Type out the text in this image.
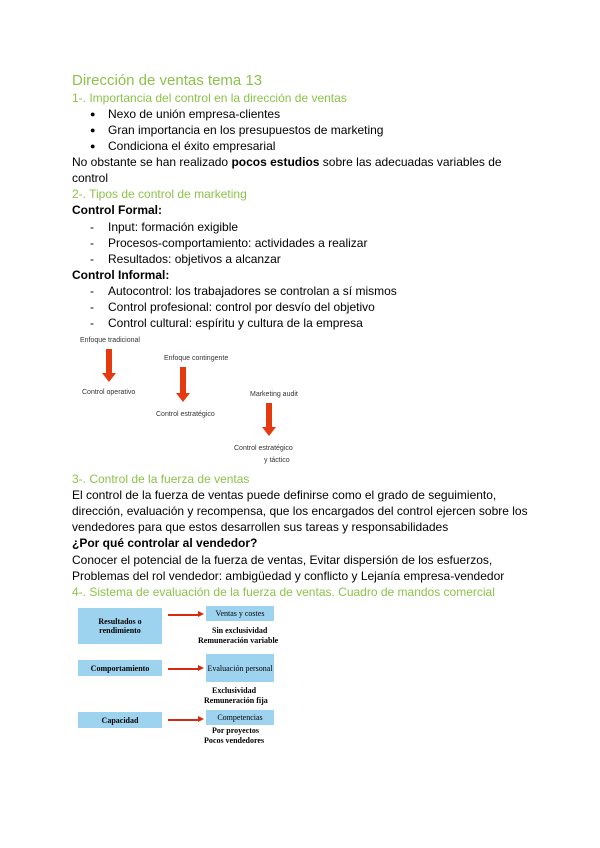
Dirección de ventas tema 13
1-. Importancia del control en la dirección de ventas
● Nexo de unión empresa-clientes
● Gran importancia en los presupuestos de marketing
● Condiciona el éxito empresarial

No obstante se han realizado pocos estudios sobre las adecuadas variables de control

2-. Tipos de control de marketing

Control Formal:

- Input: formación exigible
- Procesos-comportamiento: actividades a realizar
- Resultados: objetivos a alcanzar

Control Informal:

- Autocontrol: los trabajadores se controlan a sí mismos
- Control profesional: control por desvío del objetivo
- Control cultural: espíritu y cultura de la empresa
Enfoque tradicional
Control operativo
Enfoque contingente
Control estratégico
Marketing audit
Control estratégico
y táctico
3-. Control de la fuerza de ventas

El control de la fuerza de ventas puede definirse como el grado de seguimiento, dirección, evaluación y recompensa, que los encargados del control ejercen sobre los vendedores para que estos desarrollen sus tareas y responsabilidades

¿Por qué controlar al vendedor?

Conocer el potencial de la fuerza de ventas, Evitar dispersión de los esfuerzos, Problemas del rol vendedor: ambigüedad y conflicto y Lejanía empresa-vendedor

4-. Sistema de evaluación de la fuerza de ventas. Cuadro de mandos comercial
Resultados o rendimiento
Ventas y costes
Sin exclusividad
Remuneración variable
Comportamiento	Evaluación personal
Exclusividad
Remuneración fija
Capacidad	Competencias
Por proyectos
Pocos vendedores
